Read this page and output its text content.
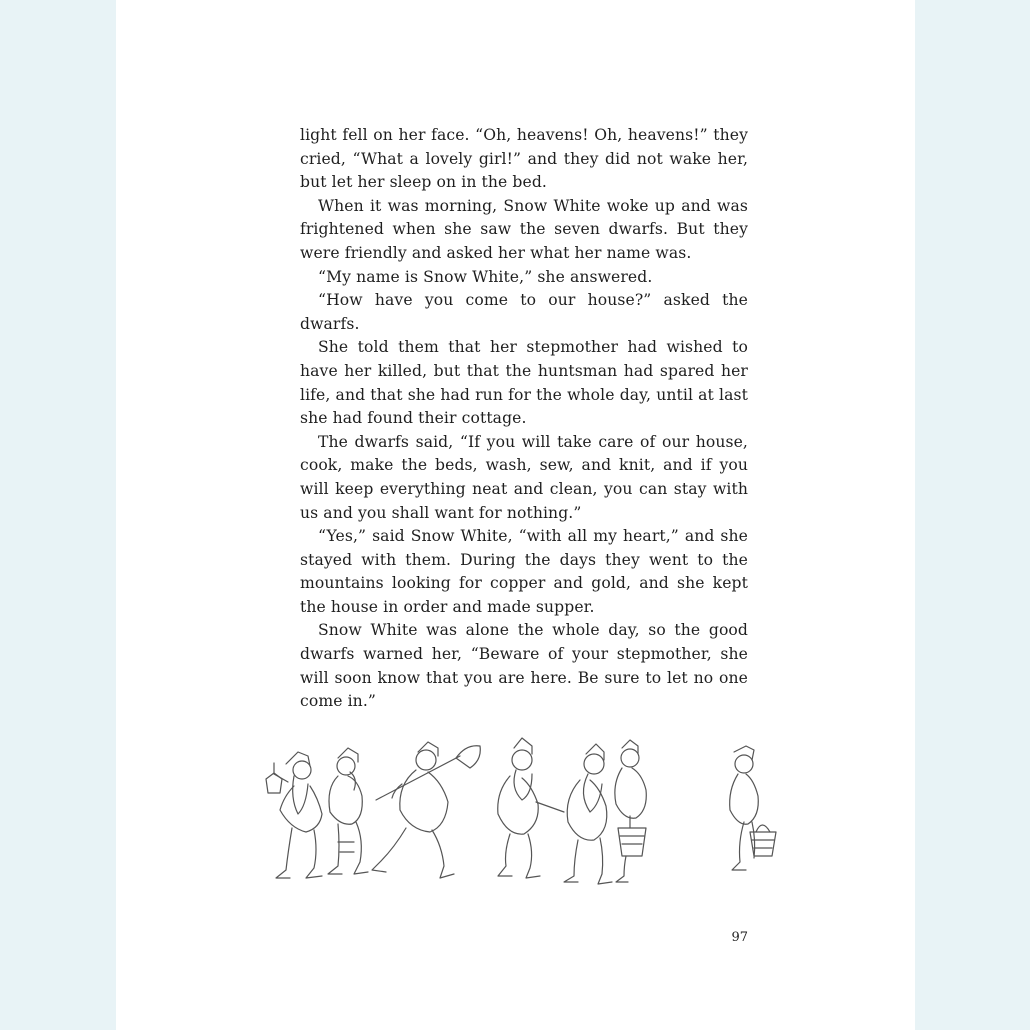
light fell on her face. “Oh, heavens! Oh, heavens!” they cried, “What a lovely girl!” and they did not wake her, but let her sleep on in the bed.

When it was morning, Snow White woke up and was frightened when she saw the seven dwarfs. But they were friendly and asked her what her name was.

“My name is Snow White,” she answered.

“How have you come to our house?” asked the dwarfs.

She told them that her stepmother had wished to have her killed, but that the huntsman had spared her life, and that she had run for the whole day, until at last she had found their cottage.

The dwarfs said, “If you will take care of our house, cook, make the beds, wash, sew, and knit, and if you will keep everything neat and clean, you can stay with us and you shall want for nothing.”

“Yes,” said Snow White, “with all my heart,” and she stayed with them. During the days they went to the mountains looking for copper and gold, and she kept the house in order and made supper.

Snow White was alone the whole day, so the good dwarfs warned her, “Beware of your stepmother, she will soon know that you are here. Be sure to let no one come in.”

97
